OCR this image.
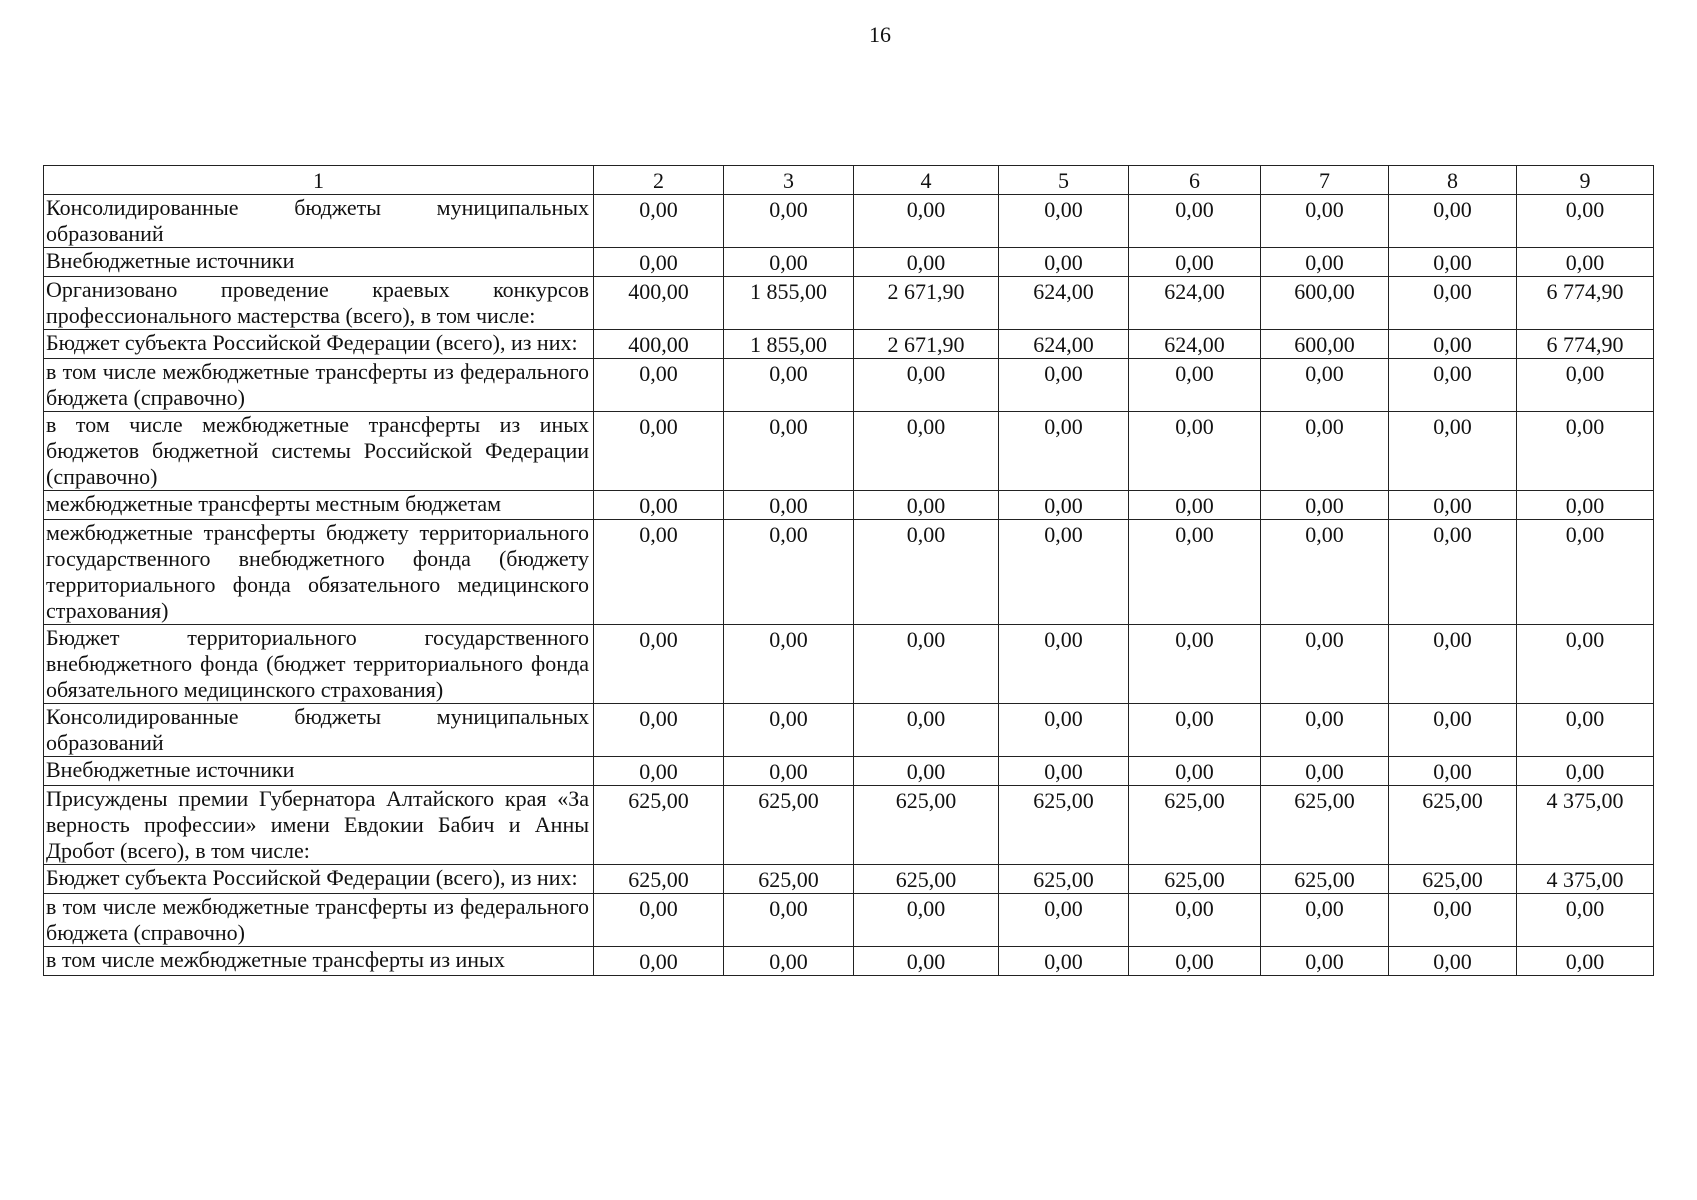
16
1	2	3	4	5	6	7	8	9
Консолидированные бюджеты муниципальных образований	0,00	0,00	0,00	0,00	0,00	0,00	0,00	0,00
Внебюджетные источники	0,00	0,00	0,00	0,00	0,00	0,00	0,00	0,00
Организовано проведение краевых конкурсов профессионального мастерства (всего), в том числе:	400,00	1 855,00	2 671,90	624,00	624,00	600,00	0,00	6 774,90
Бюджет субъекта Российской Федерации (всего), из них:	400,00	1 855,00	2 671,90	624,00	624,00	600,00	0,00	6 774,90
в том числе межбюджетные трансферты из федерального бюджета (справочно)	0,00	0,00	0,00	0,00	0,00	0,00	0,00	0,00
в том числе межбюджетные трансферты из иных бюджетов бюджетной системы Российской Федерации (справочно)	0,00	0,00	0,00	0,00	0,00	0,00	0,00	0,00
межбюджетные трансферты местным бюджетам	0,00	0,00	0,00	0,00	0,00	0,00	0,00	0,00
межбюджетные трансферты бюджету территориального государственного внебюджетного фонда (бюджету территориального фонда обязательного медицинского страхования)	0,00	0,00	0,00	0,00	0,00	0,00	0,00	0,00
Бюджет территориального государственного внебюджетного фонда (бюджет территориального фонда обязательного медицинского страхования)	0,00	0,00	0,00	0,00	0,00	0,00	0,00	0,00
Консолидированные бюджеты муниципальных образований	0,00	0,00	0,00	0,00	0,00	0,00	0,00	0,00
Внебюджетные источники	0,00	0,00	0,00	0,00	0,00	0,00	0,00	0,00
Присуждены премии Губернатора Алтайского края «За верность профессии» имени Евдокии Бабич и Анны Дробот (всего), в том числе:	625,00	625,00	625,00	625,00	625,00	625,00	625,00	4 375,00
Бюджет субъекта Российской Федерации (всего), из них:	625,00	625,00	625,00	625,00	625,00	625,00	625,00	4 375,00
в том числе межбюджетные трансферты из федерального бюджета (справочно)	0,00	0,00	0,00	0,00	0,00	0,00	0,00	0,00
в том числе межбюджетные трансферты из иных	0,00	0,00	0,00	0,00	0,00	0,00	0,00	0,00
